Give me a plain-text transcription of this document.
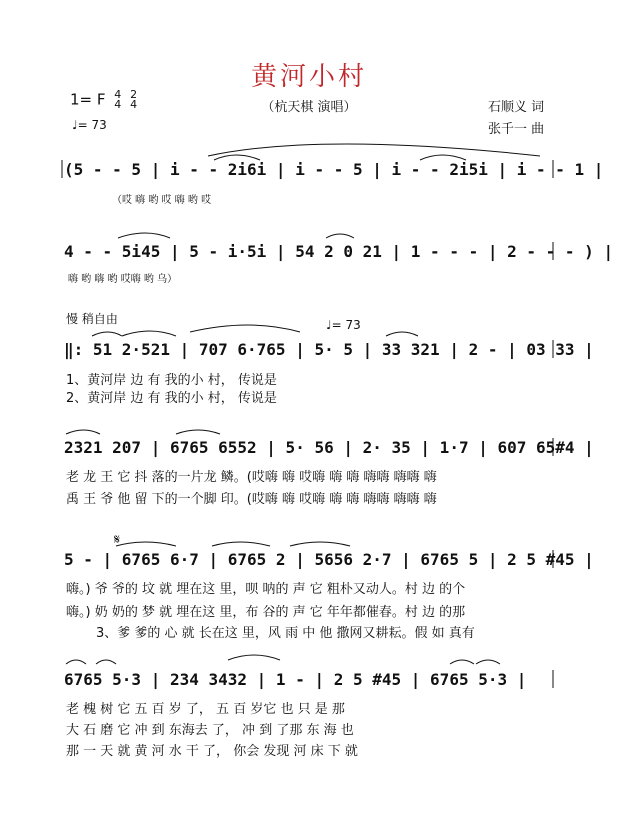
黄河小村
（杭天棋 演唱）
1= F 4
4 2
4
♩= 73
石顺义 词
张千一 曲
(5 - - 5 | i - - 2i6i | i - - 5 | i - - 2i5i | i - - 1 |
（哎 嗨 哟 哎 嗨 哟 哎
4 - - 5i45 | 5 - i·5i | 54 2 0 21 | 1 - - - | 2 - - - ) |
嗨 哟 嗨 哟 哎嗨 哟 乌）
慢 稍自由	♩= 73
‖: 51 2·521 | 707 6·765 | 5· 5 | 33 321 | 2 - | 03 33 |
1、黄河岸 边 有 我的小 村， 传说是
2、黄河岸 边 有 我的小 村， 传说是
2321 207 | 6765 6552 | 5· 56 | 2· 35 | 1·7 | 607 65#4 |
老 龙 王 它 抖 落的一片龙 鳞。(哎嗨 嗨 哎嗨 嗨 嗨 嗨嗨 嗨嗨 嗨
禹 王 爷 他 留 下的一个脚 印。(哎嗨 嗨 哎嗨 嗨 嗨 嗨嗨 嗨嗨 嗨
𝄋
5 - | 6765 6·7 | 6765 2 | 5656 2·7 | 6765 5 | 2 5 #45 |
嗨。) 爷 爷的 坟 就 埋在这 里，呗 呐的 声 它 粗朴又动人。村 边 的个
嗨。) 奶 奶的 梦 就 埋在这 里，布 谷的 声 它 年年都催春。村 边 的那
3、爹 爹的 心 就 长在这 里，风 雨 中 他 撒网又耕耘。假 如 真有
6765 5·3 | 234 3432 | 1 - | 2 5 #45 | 6765 5·3 |
老 槐 树 它 五 百 岁 了， 五 百 岁它 也 只 是 那
大 石 磨 它 冲 到 东海去 了， 冲 到 了那 东 海 也
那 一 天 就 黄 河 水 干 了， 你会 发现 河 床 下 就
